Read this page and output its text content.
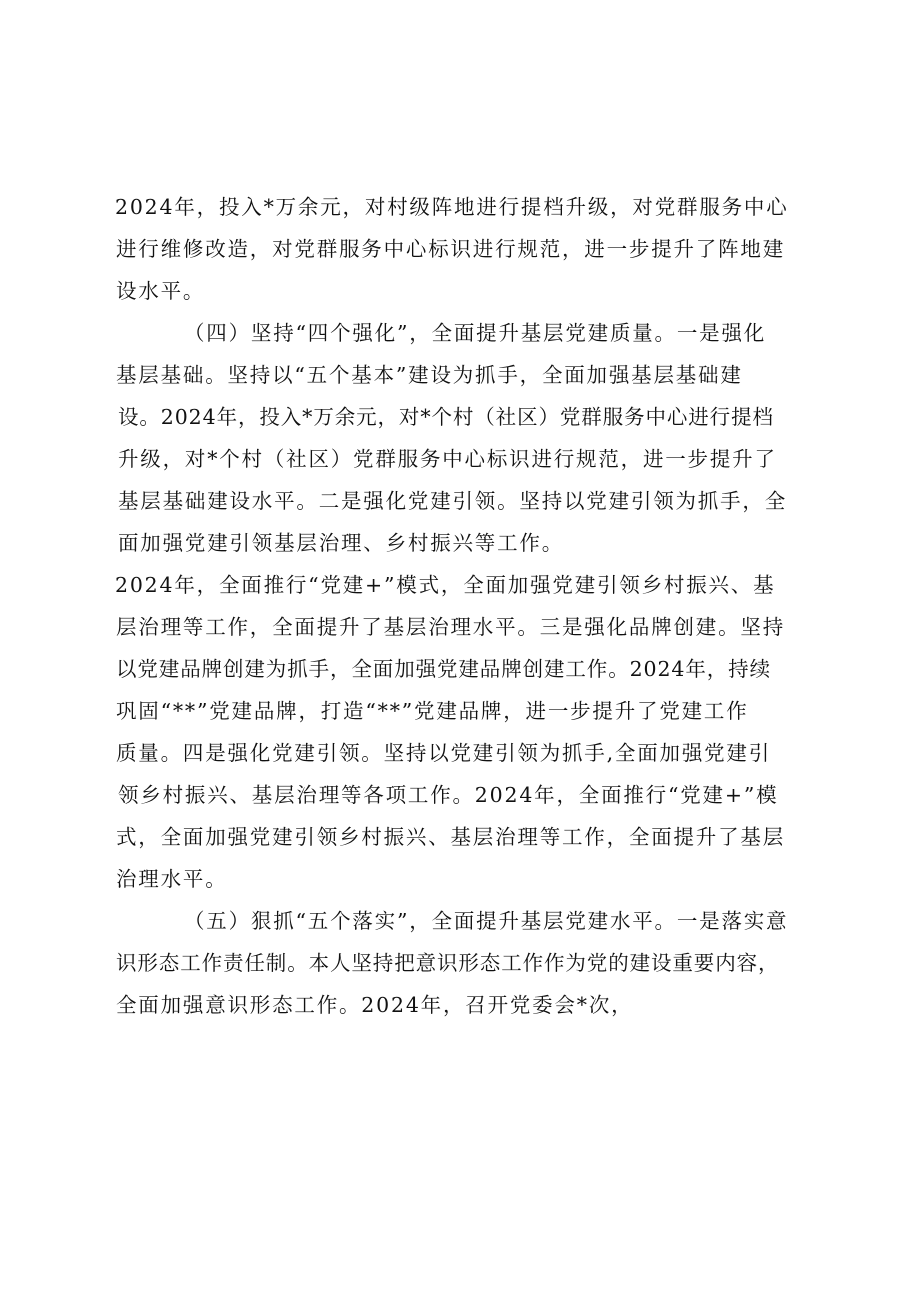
2024年，投入*万余元，对村级阵地进行提档升级，对党群服务中心
进行维修改造，对党群服务中心标识进行规范，进一步提升了阵地建
设水平。
（四）坚持“四个强化”，全面提升基层党建质量。一是强化
基层基础。坚持以“五个基本”建设为抓手，全面加强基层基础建
设。2024年，投入*万余元，对*个村（社区）党群服务中心进行提档
升级，对*个村（社区）党群服务中心标识进行规范，进一步提升了
基层基础建设水平。二是强化党建引领。坚持以党建引领为抓手，全
面加强党建引领基层治理、乡村振兴等工作。
2024年，全面推行“党建+”模式，全面加强党建引领乡村振兴、基
层治理等工作，全面提升了基层治理水平。三是强化品牌创建。坚持
以党建品牌创建为抓手，全面加强党建品牌创建工作。2024年，持续
巩固“**”党建品牌，打造“**”党建品牌，进一步提升了党建工作
质量。四是强化党建引领。坚持以党建引领为抓手,全面加强党建引
领乡村振兴、基层治理等各项工作。2024年，全面推行“党建+”模
式，全面加强党建引领乡村振兴、基层治理等工作，全面提升了基层
治理水平。
（五）狠抓“五个落实”，全面提升基层党建水平。一是落实意
识形态工作责任制。本人坚持把意识形态工作作为党的建设重要内容，
全面加强意识形态工作。2024年，召开党委会*次，
